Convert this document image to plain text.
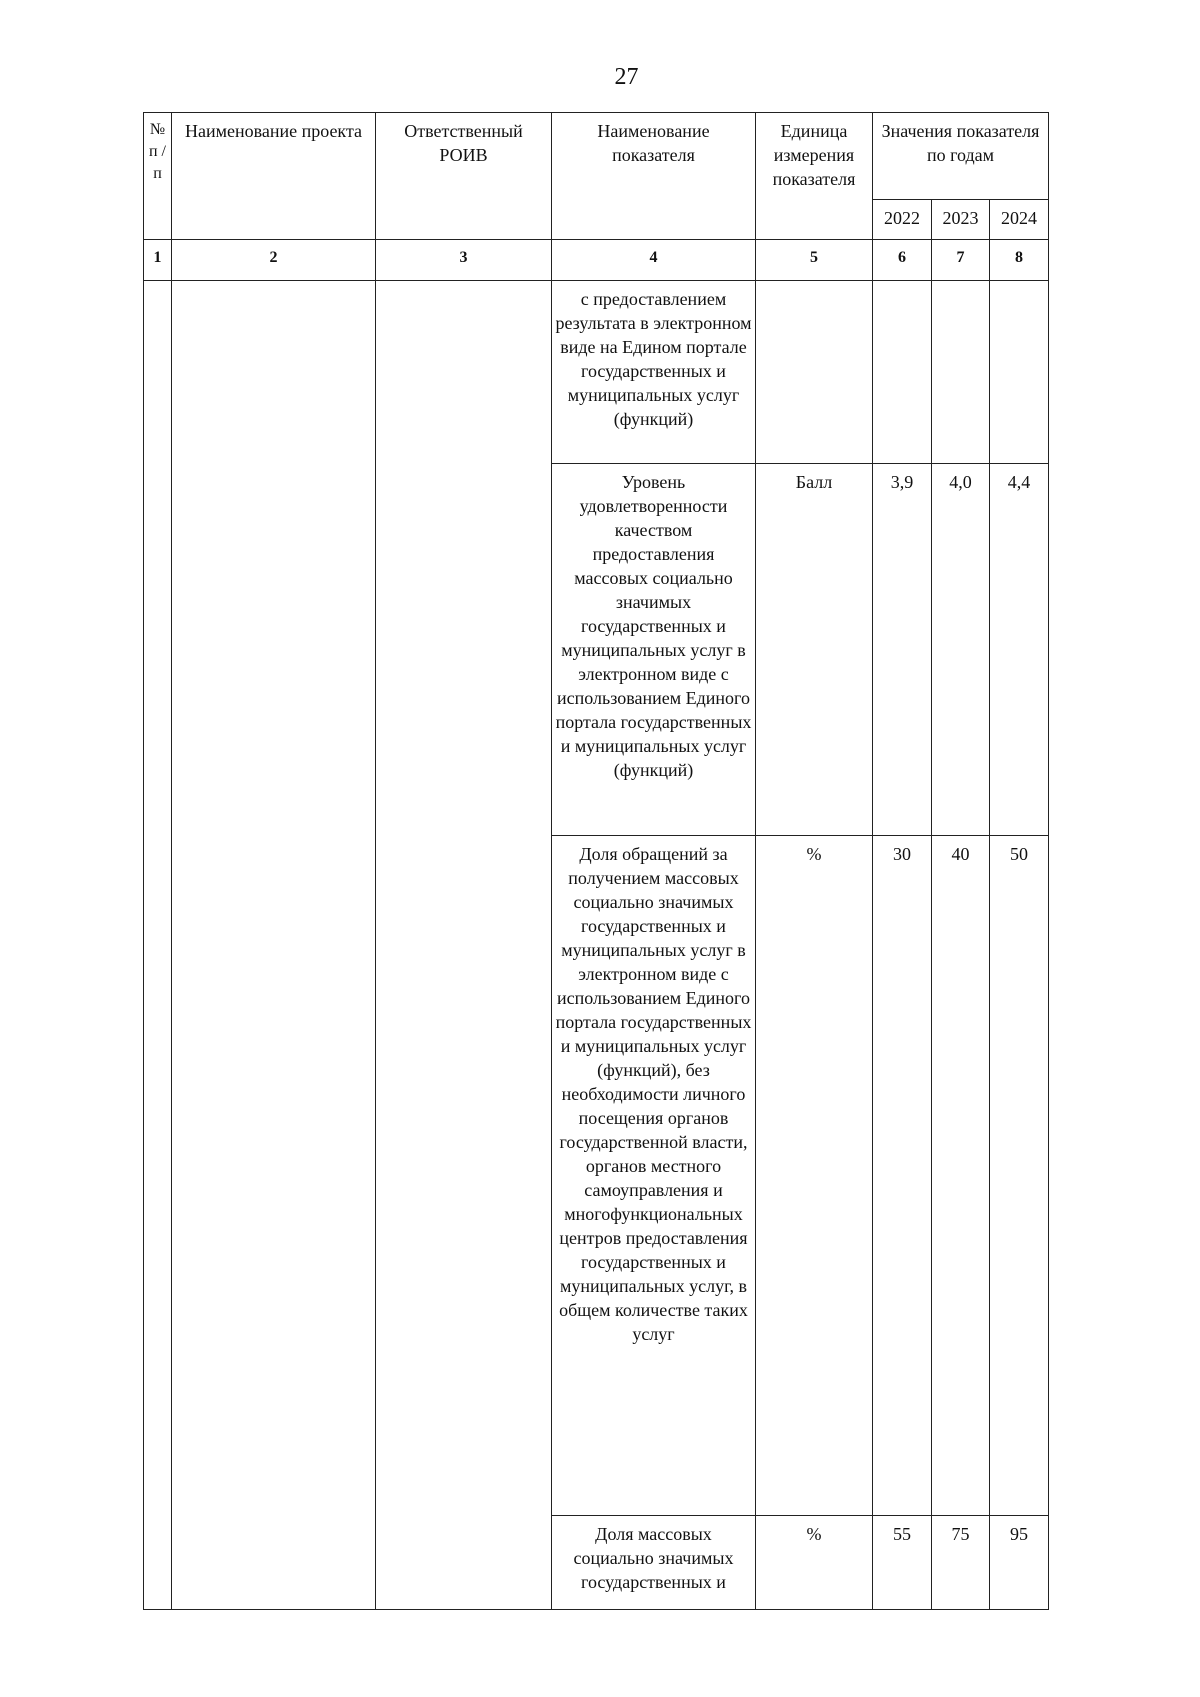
27
№ п / п	Наименование проекта	Ответственный РОИВ	Наименование показателя	Единица измерения показателя	Значения показателя по годам		
					2022	2023	2024
1	2	3	4	5	6	7	8
			с предоставлением результата в электронном виде на Едином портале государственных и муниципальных услуг (функций)				
			Уровень удовлетворенности качеством предоставления массовых социально значимых государственных и муниципальных услуг в электронном виде с использованием Единого портала государственных и муниципальных услуг (функций)	Балл	3,9	4,0	4,4
			Доля обращений за получением массовых социально значимых государственных и муниципальных услуг в электронном виде с использованием Единого портала государственных и муниципальных услуг (функций), без необходимости личного посещения органов государственной власти, органов местного самоуправления и многофункциональных центров предоставления государственных и муниципальных услуг, в общем количестве таких услуг	%	30	40	50
			Доля массовых социально значимых государственных и	%	55	75	95
